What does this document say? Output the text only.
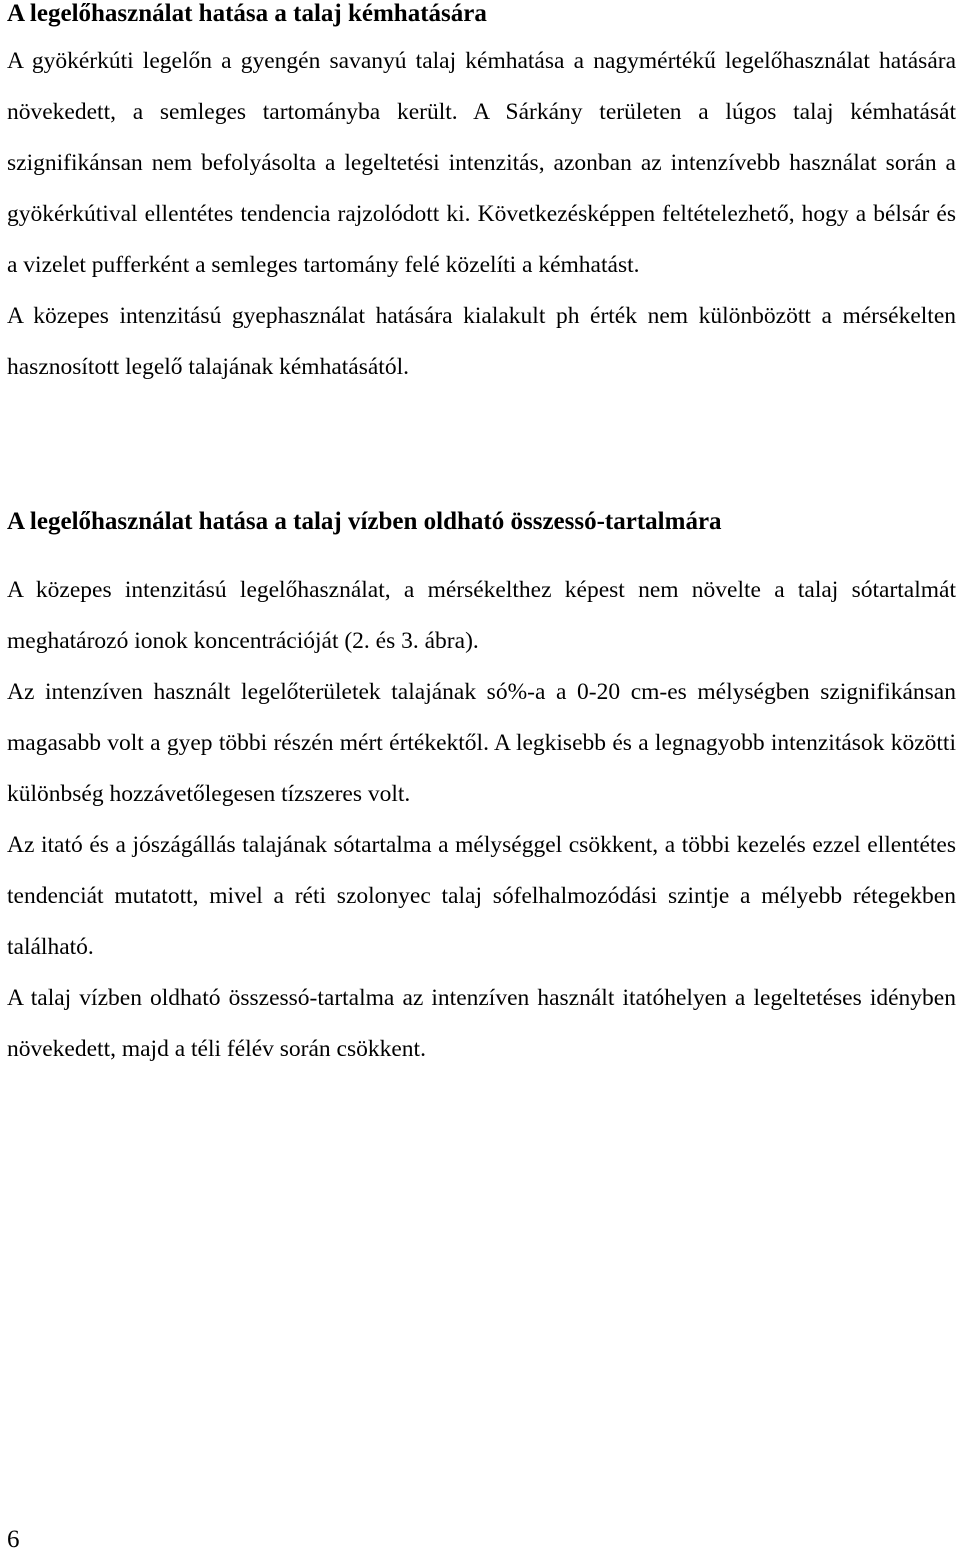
A legelőhasználat hatása a talaj kémhatására

A gyökérkúti legelőn a gyengén savanyú talaj kémhatása a nagymértékű legelőhasználat hatására növekedett, a semleges tartományba került. A Sárkány területen a lúgos talaj kémhatását szignifikánsan nem befolyásolta a legeltetési intenzitás, azonban az intenzívebb használat során a gyökérkútival ellentétes tendencia rajzolódott ki. Következésképpen feltételezhető, hogy a bélsár és a vizelet pufferként a semleges tartomány felé közelíti a kémhatást.

A közepes intenzitású gyephasználat hatására kialakult ph érték nem különbözött a mérsékelten hasznosított legelő talajának kémhatásától.

A legelőhasználat hatása a talaj vízben oldható összessó-tartalmára

A közepes intenzitású legelőhasználat, a mérsékelthez képest nem növelte a talaj sótartalmát meghatározó ionok koncentrációját (2. és 3. ábra).

Az intenzíven használt legelőterületek talajának só%-a a 0-20 cm-es mélységben szignifikánsan magasabb volt a gyep többi részén mért értékektől. A legkisebb és a legnagyobb intenzitások közötti különbség hozzávetőlegesen tízszeres volt.

Az itató és a jószágállás talajának sótartalma a mélységgel csökkent, a többi kezelés ezzel ellentétes tendenciát mutatott, mivel a réti szolonyec talaj sófelhalmozódási szintje a mélyebb rétegekben található.

A talaj vízben oldható összessó-tartalma az intenzíven használt itatóhelyen a legeltetéses idényben növekedett, majd a téli félév során csökkent.

6
